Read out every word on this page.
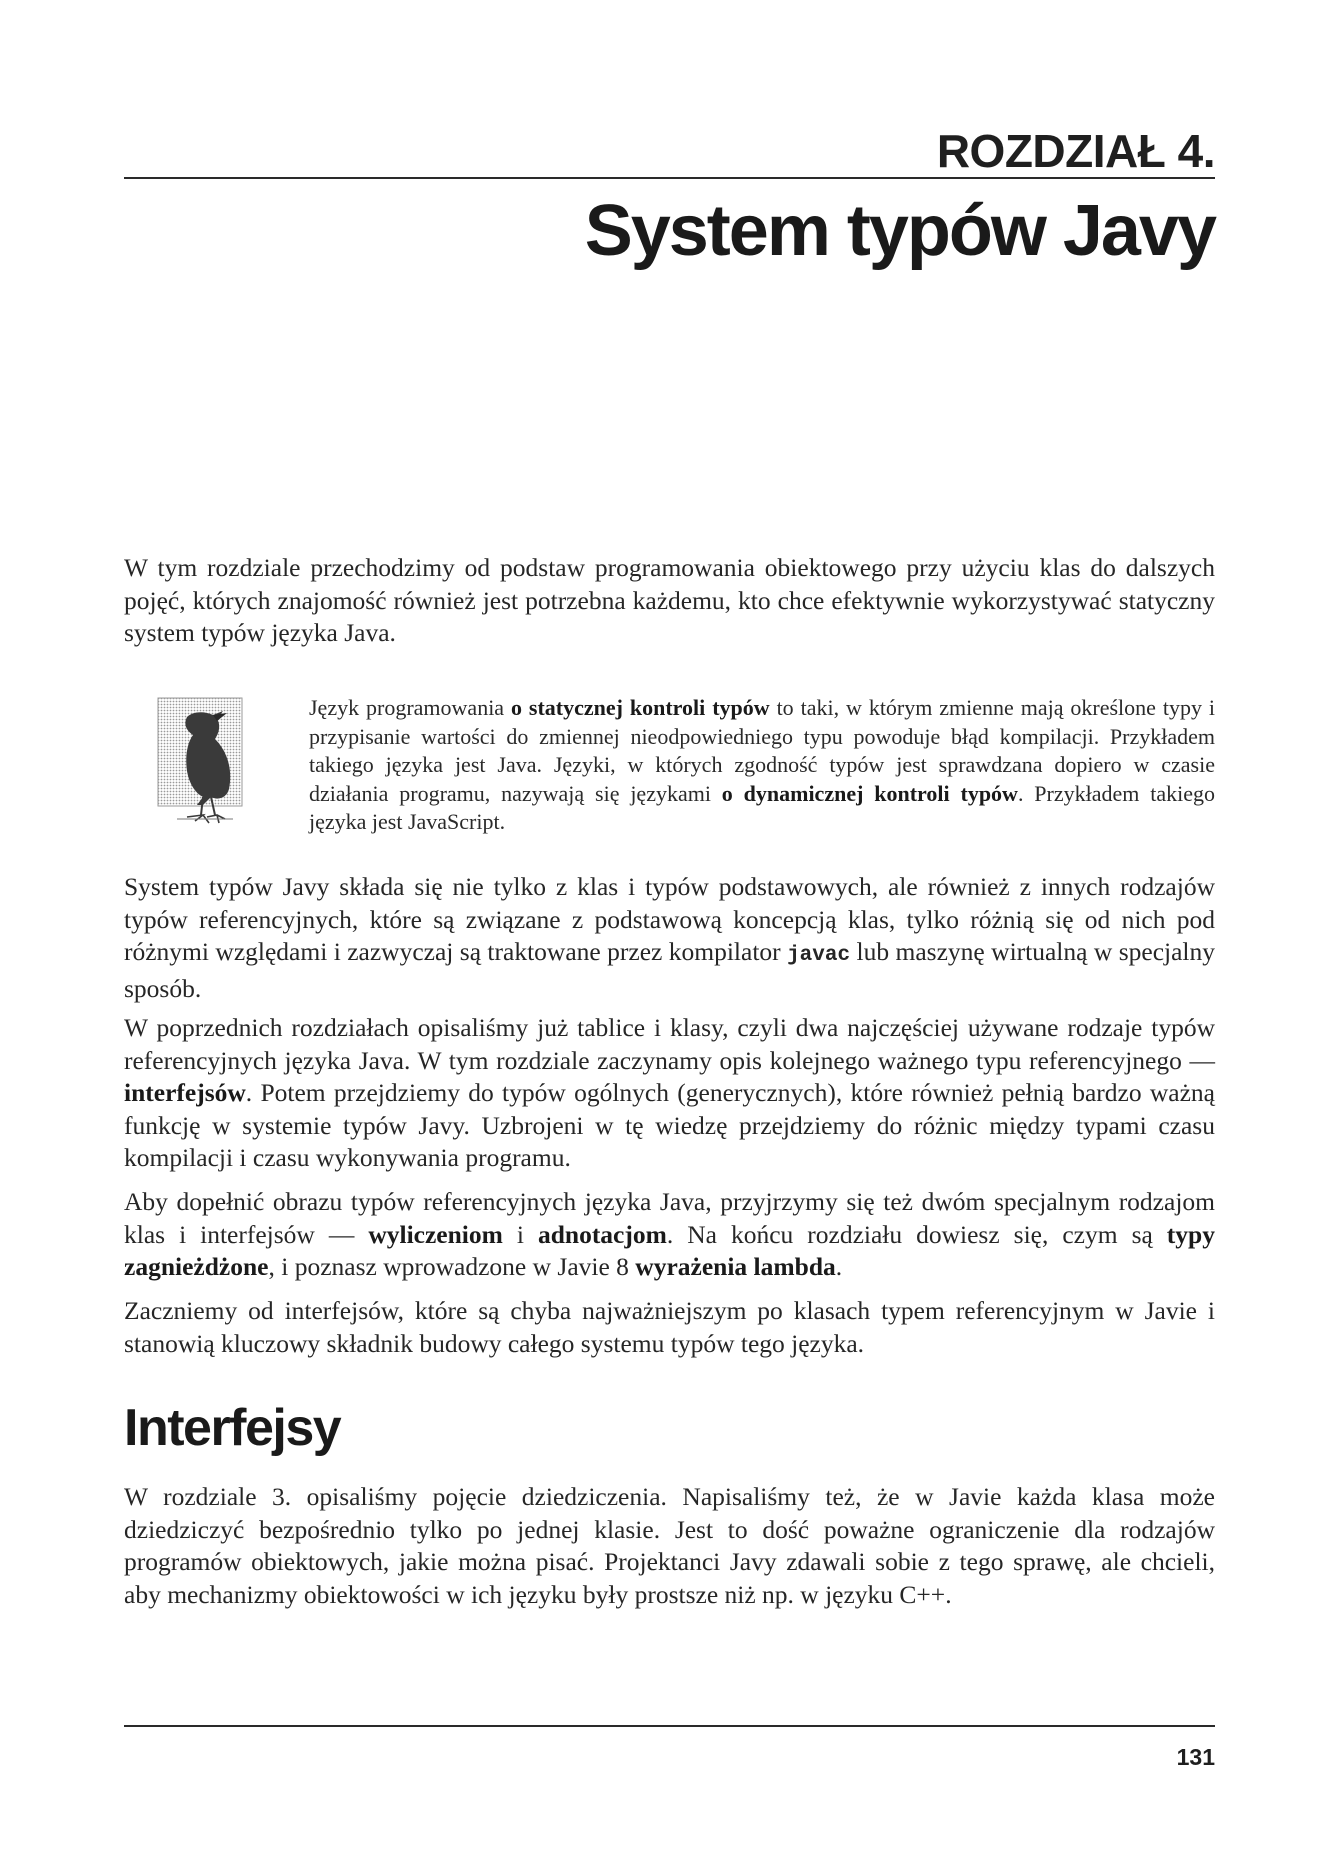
ROZDZIAŁ 4.
System typów Javy

W tym rozdziale przechodzimy od podstaw programowania obiektowego przy użyciu klas do dalszych pojęć, których znajomość również jest potrzebna każdemu, kto chce efektywnie wykorzystywać statyczny system typów języka Java.

Język programowania o statycznej kontroli typów to taki, w którym zmienne mają określone typy i przypisanie wartości do zmiennej nieodpowiedniego typu powoduje błąd kompilacji. Przykładem takiego języka jest Java. Języki, w których zgodność typów jest sprawdzana dopiero w czasie działania programu, nazywają się językami o dynamicznej kontroli typów. Przykładem takiego języka jest JavaScript.

System typów Javy składa się nie tylko z klas i typów podstawowych, ale również z innych rodzajów typów referencyjnych, które są związane z podstawową koncepcją klas, tylko różnią się od nich pod różnymi względami i zazwyczaj są traktowane przez kompilator javac lub maszynę wirtualną w specjalny sposób.

W poprzednich rozdziałach opisaliśmy już tablice i klasy, czyli dwa najczęściej używane rodzaje typów referencyjnych języka Java. W tym rozdziale zaczynamy opis kolejnego ważnego typu referencyjnego — interfejsów. Potem przejdziemy do typów ogólnych (generycznych), które również pełnią bardzo ważną funkcję w systemie typów Javy. Uzbrojeni w tę wiedzę przejdziemy do różnic między typami czasu kompilacji i czasu wykonywania programu.

Aby dopełnić obrazu typów referencyjnych języka Java, przyjrzymy się też dwóm specjalnym rodzajom klas i interfejsów — wyliczeniom i adnotacjom. Na końcu rozdziału dowiesz się, czym są typy zagnieżdżone, i poznasz wprowadzone w Javie 8 wyrażenia lambda.

Zaczniemy od interfejsów, które są chyba najważniejszym po klasach typem referencyjnym w Javie i stanowią kluczowy składnik budowy całego systemu typów tego języka.

Interfejsy

W rozdziale 3. opisaliśmy pojęcie dziedziczenia. Napisaliśmy też, że w Javie każda klasa może dziedziczyć bezpośrednio tylko po jednej klasie. Jest to dość poważne ograniczenie dla rodzajów programów obiektowych, jakie można pisać. Projektanci Javy zdawali sobie z tego sprawę, ale chcieli, aby mechanizmy obiektowości w ich języku były prostsze niż np. w języku C++.

131
